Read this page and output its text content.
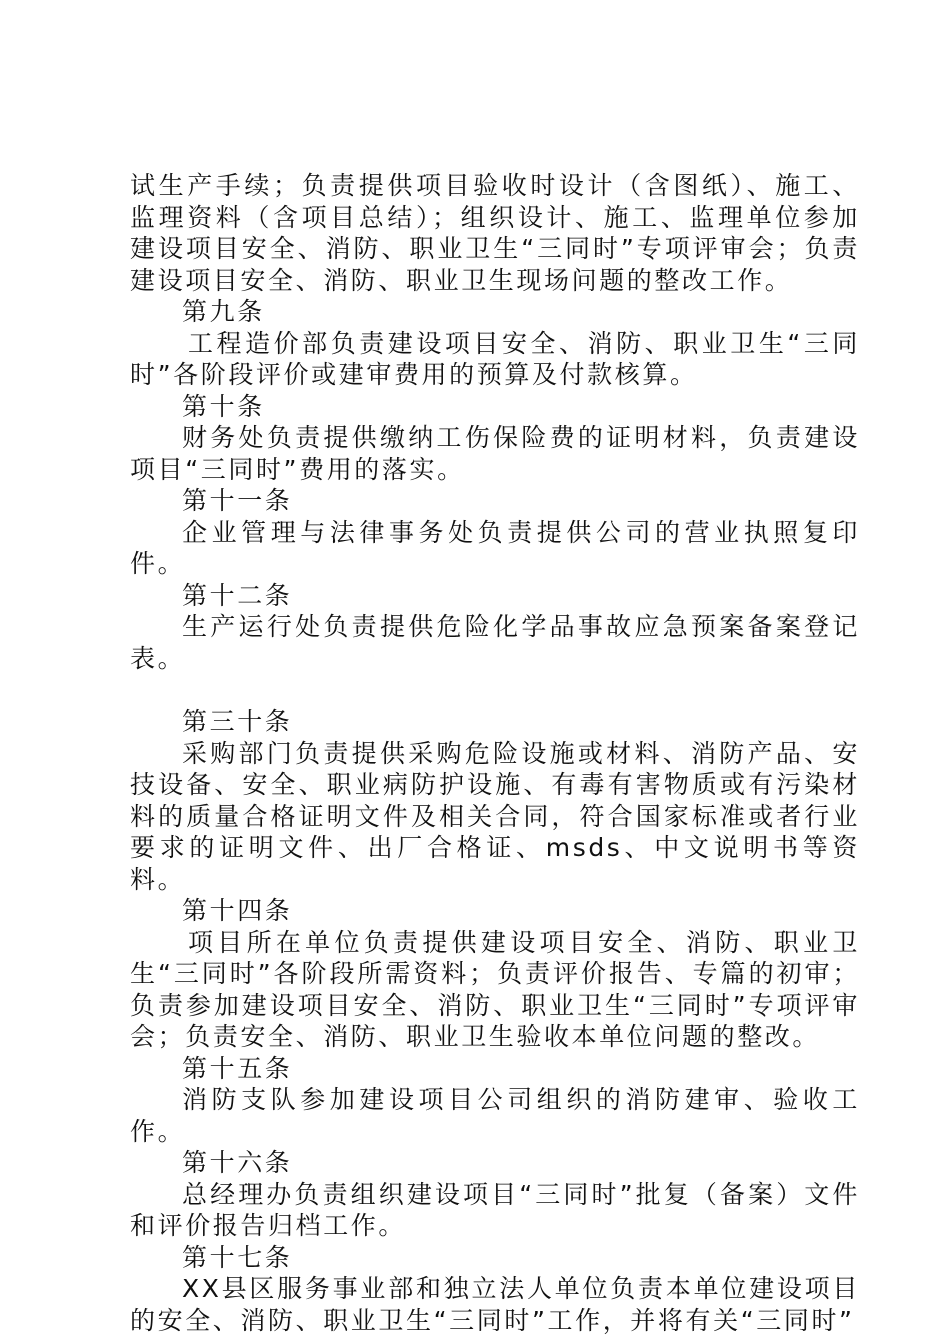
试生产手续；负责提供项目验收时设计（含图纸）、施工、监理资料（含项目总结）；组织设计、施工、监理单位参加建设项目安全、消防、职业卫生“三同时”专项评审会；负责建设项目安全、消防、职业卫生现场问题的整改工作。

第九条

工程造价部负责建设项目安全、消防、职业卫生“三同时”各阶段评价或建审费用的预算及付款核算。

第十条

财务处负责提供缴纳工伤保险费的证明材料，负责建设项目“三同时”费用的落实。

第十一条

企业管理与法律事务处负责提供公司的营业执照复印件。

第十二条

生产运行处负责提供危险化学品事故应急预案备案登记表。

第三十条

采购部门负责提供采购危险设施或材料、消防产品、安技设备、安全、职业病防护设施、有毒有害物质或有污染材料的质量合格证明文件及相关合同，符合国家标准或者行业要求的证明文件、出厂合格证、msds、中文说明书等资料。

第十四条

项目所在单位负责提供建设项目安全、消防、职业卫生“三同时”各阶段所需资料；负责评价报告、专篇的初审；负责参加建设项目安全、消防、职业卫生“三同时”专项评审会；负责安全、消防、职业卫生验收本单位问题的整改。

第十五条

消防支队参加建设项目公司组织的消防建审、验收工作。

第十六条

总经理办负责组织建设项目“三同时”批复（备案）文件和评价报告归档工作。

第十七条

XX县区服务事业部和独立法人单位负责本单位建设项目的安全、消防、职业卫生“三同时”工作，并将有关“三同时”
